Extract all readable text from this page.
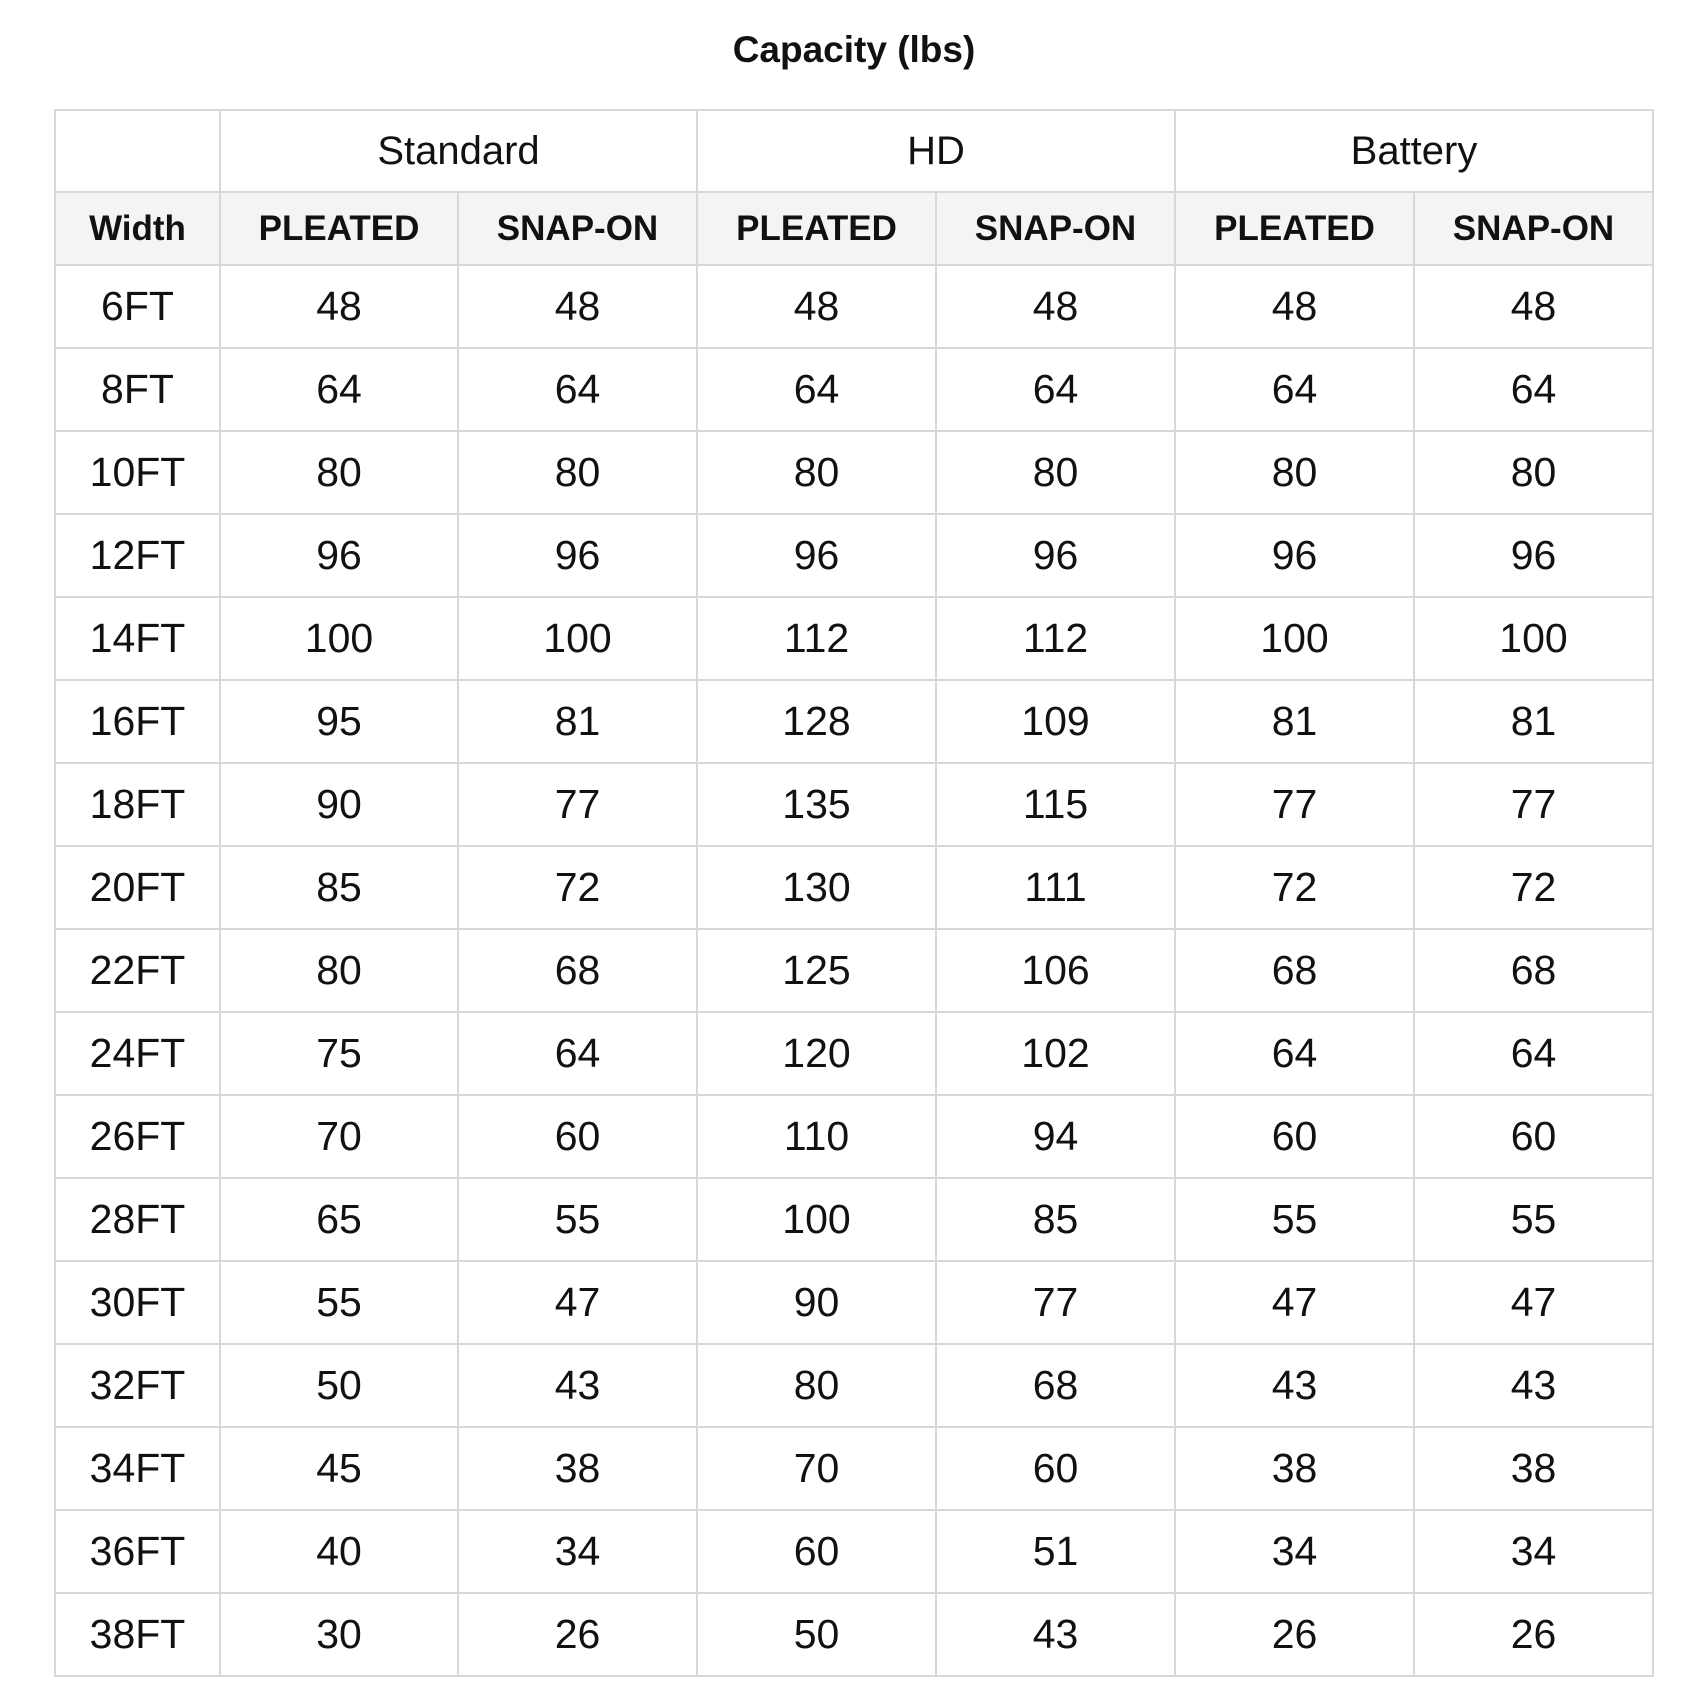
Capacity (lbs)
	Standard		HD		Battery	
Width	PLEATED	SNAP-ON	PLEATED	SNAP-ON	PLEATED	SNAP-ON
6FT	48	48	48	48	48	48
8FT	64	64	64	64	64	64
10FT	80	80	80	80	80	80
12FT	96	96	96	96	96	96
14FT	100	100	112	112	100	100
16FT	95	81	128	109	81	81
18FT	90	77	135	115	77	77
20FT	85	72	130	111	72	72
22FT	80	68	125	106	68	68
24FT	75	64	120	102	64	64
26FT	70	60	110	94	60	60
28FT	65	55	100	85	55	55
30FT	55	47	90	77	47	47
32FT	50	43	80	68	43	43
34FT	45	38	70	60	38	38
36FT	40	34	60	51	34	34
38FT	30	26	50	43	26	26
